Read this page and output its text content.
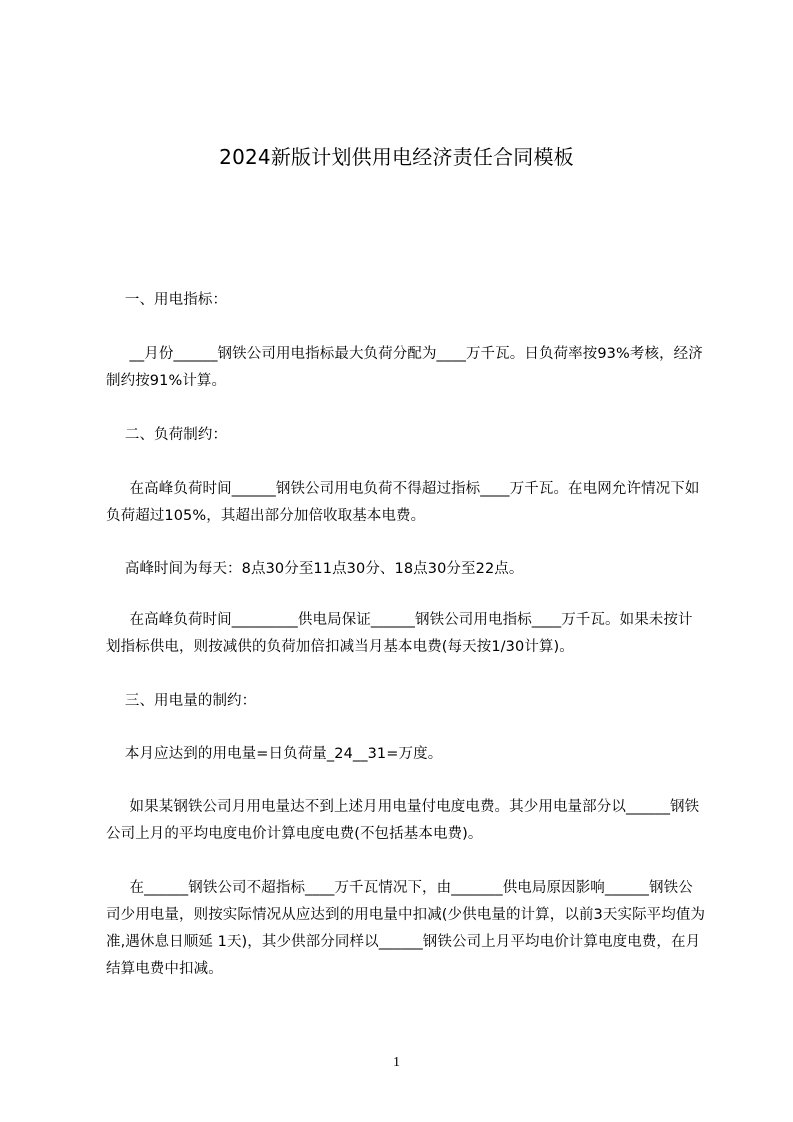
2024新版计划供用电经济责任合同模板
一、用电指标：
__月份______钢铁公司用电指标最大负荷分配为____万千瓦。日负荷率按93%考核，经济制约按91%计算。
二、负荷制约：
在高峰负荷时间______钢铁公司用电负荷不得超过指标____万千瓦。在电网允许情况下如负荷超过105%，其超出部分加倍收取基本电费。
高峰时间为每天：8点30分至11点30分、18点30分至22点。
在高峰负荷时间_________供电局保证______钢铁公司用电指标____万千瓦。如果未按计划指标供电，则按减供的负荷加倍扣减当月基本电费(每天按1/30计算)。
三、用电量的制约：
本月应达到的用电量=日负荷量_24__31=万度。
如果某钢铁公司月用电量达不到上述月用电量付电度电费。其少用电量部分以______钢铁公司上月的平均电度电价计算电度电费(不包括基本电费)。
在______钢铁公司不超指标____万千瓦情况下，由_______供电局原因影响______钢铁公司少用电量，则按实际情况从应达到的用电量中扣减(少供电量的计算，以前3天实际平均值为准,遇休息日顺延 1天)，其少供部分同样以______钢铁公司上月平均电价计算电度电费，在月结算电费中扣减。
1
